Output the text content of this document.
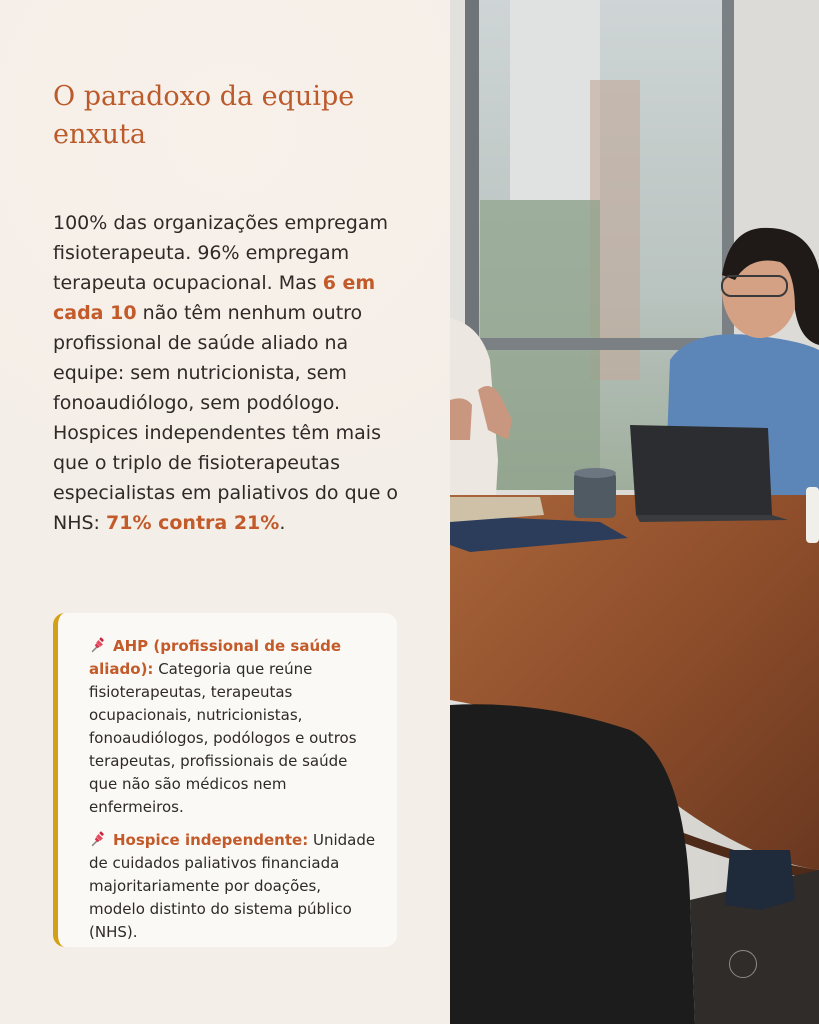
O paradoxo da equipe enxuta

100% das organizações empregam fisioterapeuta. 96% empregam terapeuta ocupacional. Mas 6 em cada 10 não têm nenhum outro profissional de saúde aliado na equipe: sem nutricionista, sem fonoaudiólogo, sem podólogo. Hospices independentes têm mais que o triplo de fisioterapeutas especialistas em paliativos do que o NHS: 71% contra 21%.

AHP (profissional de saúde aliado): Categoria que reúne fisioterapeutas, terapeutas ocupacionais, nutricionistas, fonoaudiólogos, podólogos e outros terapeutas, profissionais de saúde que não são médicos nem enfermeiros.

Hospice independente: Unidade de cuidados paliativos financiada majoritariamente por doações, modelo distinto do sistema público (NHS).
